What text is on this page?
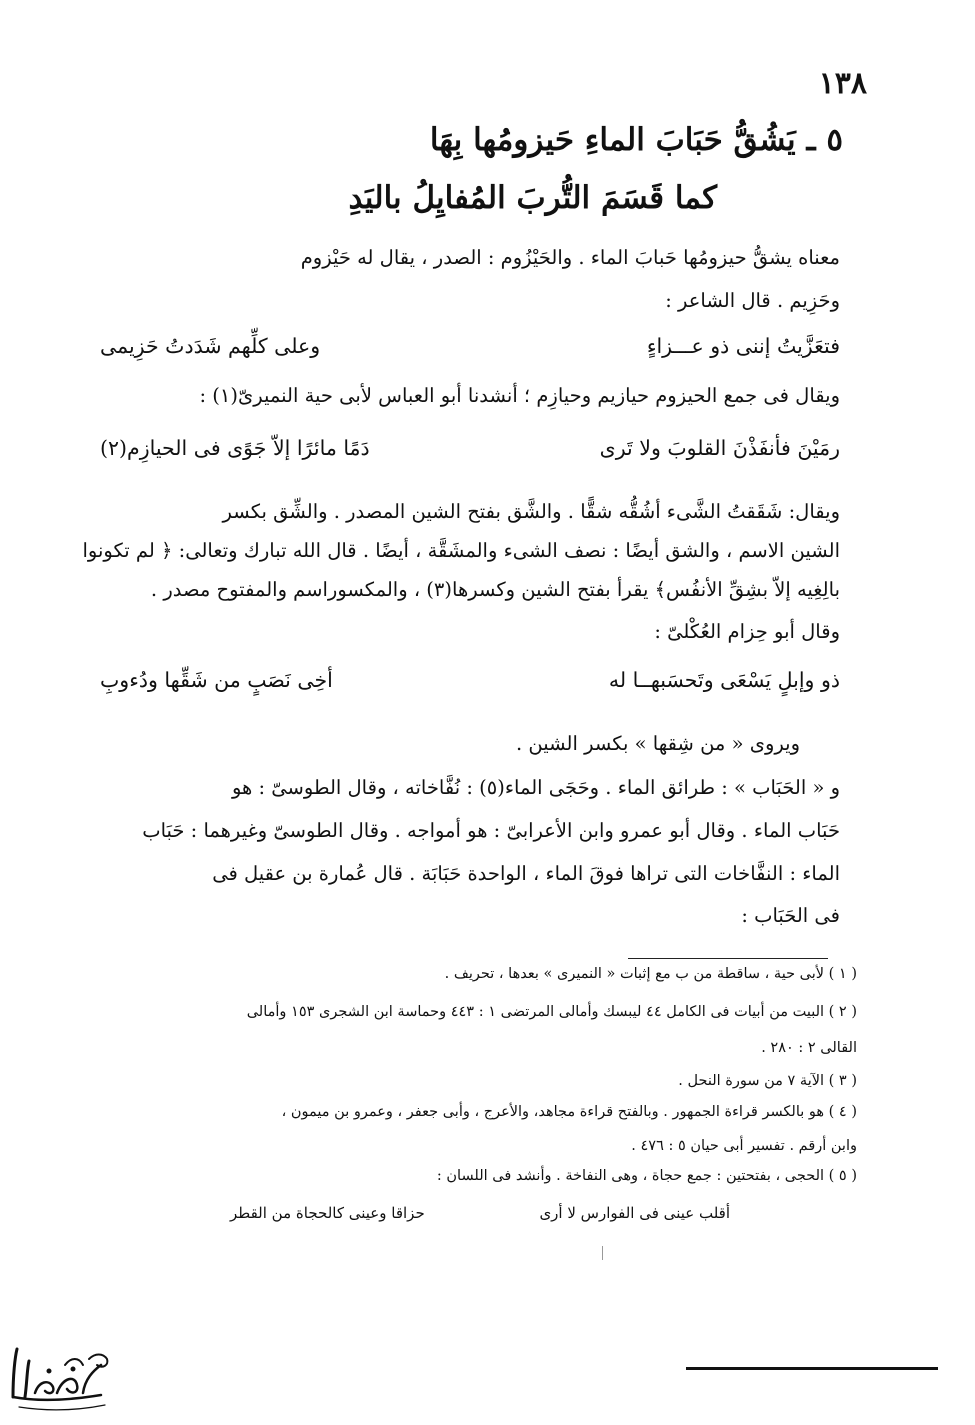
١٣٨
٥ ـ يَشُقُّ حَبَابَ الماءِ حَيزومُها بِهَا
كما قَسَمَ التُّربَ المُفايِلُ باليَدِ
معناه يشقُّ حيزومُها حَبابَ الماء . والحَيْزُوم : الصدر ، يقال له حَيْزوم
وحَزِيم . قال الشاعر :
فتعَزَّيتُ إننى ذو عـــزاءٍ
وعلى كلِّهم شَدَدتُ حَزِيمى
ويقال فى جمع الحيزوم حيازيم وحيازِم ؛ أنشدنا أبو العباس لأبى حية النميرىّ(١) :
رمَيْنَ فأنفَذْنَ القلوبَ ولا تَرى
دَمًا مائرًا إلاّ جَوًى فى الحيازِم(٢)
ويقال: شَقَقتُ الشَّىء أشُقُّه شقًّا . والشَّق بفتح الشين المصدر . والشِّق بكسر
الشين الاسم ، والشق أيضًا : نصف الشىء والمشَقَّة ، أيضًا . قال الله تبارك وتعالى: ﴿ لم تكونوا
بالِغِيه إلاّ بشِقِّ الأنفُس﴾ يقرأ بفتح الشين وكسرها(٣) ، والمكسوراسم والمفتوح مصدر .
وقال أبو حِزام العُكْلىّ :
ذو وإبلٍ يَسْعَى وتَحسَبهــا له
أخِى نَصَبٍ من شَقِّها ودُءوبِ
ويروى « من شِقها » بكسر الشين .
و « الحَبَاب » : طرائق الماء . وحَجَى الماء(٥) : نُفَّاخاته ، وقال الطوسىّ : هو
حَبَاب الماء . وقال أبو عمرو وابن الأعرابىّ : هو أمواجه . وقال الطوسىّ وغيرهما : حَبَاب
الماء : النفَّاخات التى تراها فوقَ الماء ، الواحدة حَبَابَة . قال عُمارة بن عقيل فى
فى الحَبَاب :
( ١ ) لأبى حية ، ساقطة من ب مع إثبات « النميرى » بعدها ، تحريف .
( ٢ ) البيت من أبيات فى الكامل ٤٤ ليبسك وأمالى المرتضى ١ : ٤٤٣ وحماسة ابن الشجرى ١٥٣ وأمالى
القالى ٢ : ٢٨٠ .
( ٣ ) الآية ٧ من سورة النحل .
( ٤ ) هو بالكسر قراءة الجمهور . وبالفتح قراءة مجاهد، والأعرج ، وأبى جعفر ، وعمرو بن ميمون ،
وابن أرقم . تفسير أبى حيان ٥ : ٤٧٦ .
( ٥ ) الحجى ، بفتحتين : جمع حجاة ، وهى النفاخة . وأنشد فى اللسان :
أقلب عينى فى الفوارس لا أرى
حزاقا وعينى كالحجاة من القطر
